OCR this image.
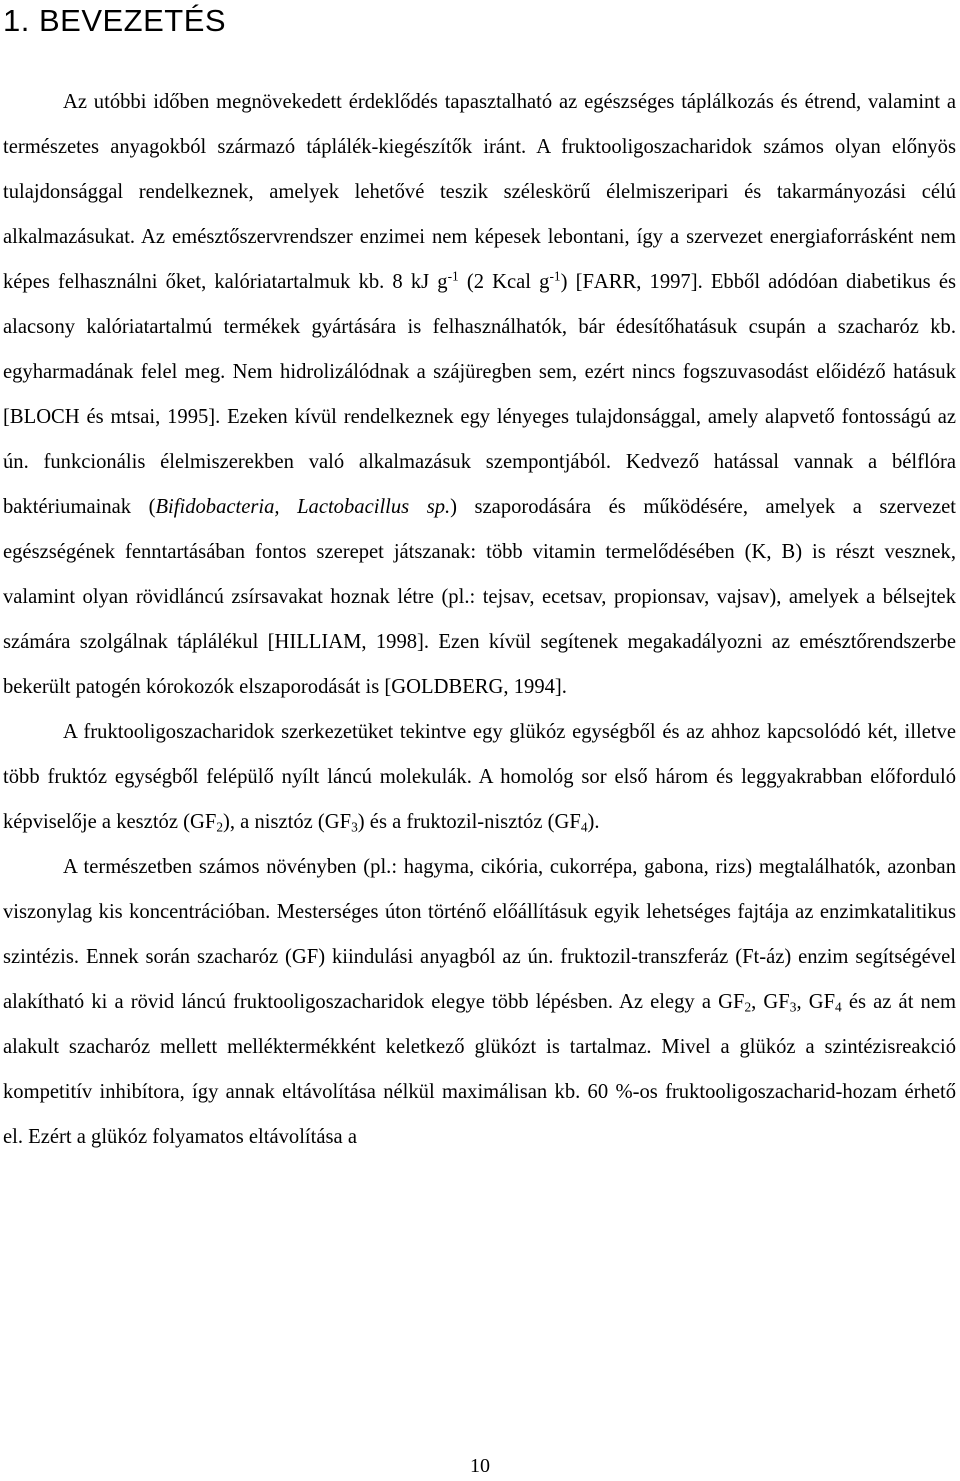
1. BEVEZETÉS

Az utóbbi időben megnövekedett érdeklődés tapasztalható az egészséges táplálkozás és étrend, valamint a természetes anyagokból származó táplálék-kiegészítők iránt. A fruktooligoszacharidok számos olyan előnyös tulajdonsággal rendelkeznek, amelyek lehetővé teszik széleskörű élelmiszeripari és takarmányozási célú alkalmazásukat. Az emésztőszervrendszer enzimei nem képesek lebontani, így a szervezet energiaforrásként nem képes felhasználni őket, kalóriatartalmuk kb. 8 kJ $g^{-1}$ (2 Kcal $g^{-1}$) [FARR, 1997]. Ebből adódóan diabetikus és alacsony kalóriatartalmú termékek gyártására is felhasználhatók, bár édesítőhatásuk csupán a szacharóz kb. egyharmadának felel meg. Nem hidrolizálódnak a szájüregben sem, ezért nincs fogszuvasodást előidéző hatásuk [BLOCH és mtsai, 1995]. Ezeken kívül rendelkeznek egy lényeges tulajdonsággal, amely alapvető fontosságú az ún. funkcionális élelmiszerekben való alkalmazásuk szempontjából. Kedvező hatással vannak a bélflóra baktériumainak (Bifidobacteria, Lactobacillus sp.) szaporodására és működésére, amelyek a szervezet egészségének fenntartásában fontos szerepet játszanak: több vitamin termelődésében (K, B) is részt vesznek, valamint olyan rövidláncú zsírsavakat hoznak létre (pl.: tejsav, ecetsav, propionsav, vajsav), amelyek a bélsejtek számára szolgálnak táplálékul [HILLIAM, 1998]. Ezen kívül segítenek megakadályozni az emésztőrendszerbe bekerült patogén kórokozók elszaporodását is [GOLDBERG, 1994].

A fruktooligoszacharidok szerkezetüket tekintve egy glükóz egységből és az ahhoz kapcsolódó két, illetve több fruktóz egységből felépülő nyílt láncú molekulák. A homológ sor első három és leggyakrabban előforduló képviselője a kesztóz $(GF_2)$, a nisztóz $(GF_3)$ és a fruktozil-nisztóz $(GF_4)$.

A természetben számos növényben (pl.: hagyma, cikória, cukorrépa, gabona, rizs) megtalálhatók, azonban viszonylag kis koncentrációban. Mesterséges úton történő előállításuk egyik lehetséges fajtája az enzimkatalitikus szintézis. Ennek során szacharóz (GF) kiindulási anyagból az ún. fruktozil-transzferáz (Ft-áz) enzim segítségével alakítható ki a rövid láncú fruktooligoszacharidok elegye több lépésben. Az elegy a $GF_2$, $GF_3$, $GF_4$ és az át nem alakult szacharóz mellett melléktermékként keletkező glükózt is tartalmaz. Mivel a glükóz a szintézisreakció kompetitív inhibítora, így annak eltávolítása nélkül maximálisan kb. 60 %-os fruktooligoszacharid-hozam érhető el. Ezért a glükóz folyamatos eltávolítása a

10
